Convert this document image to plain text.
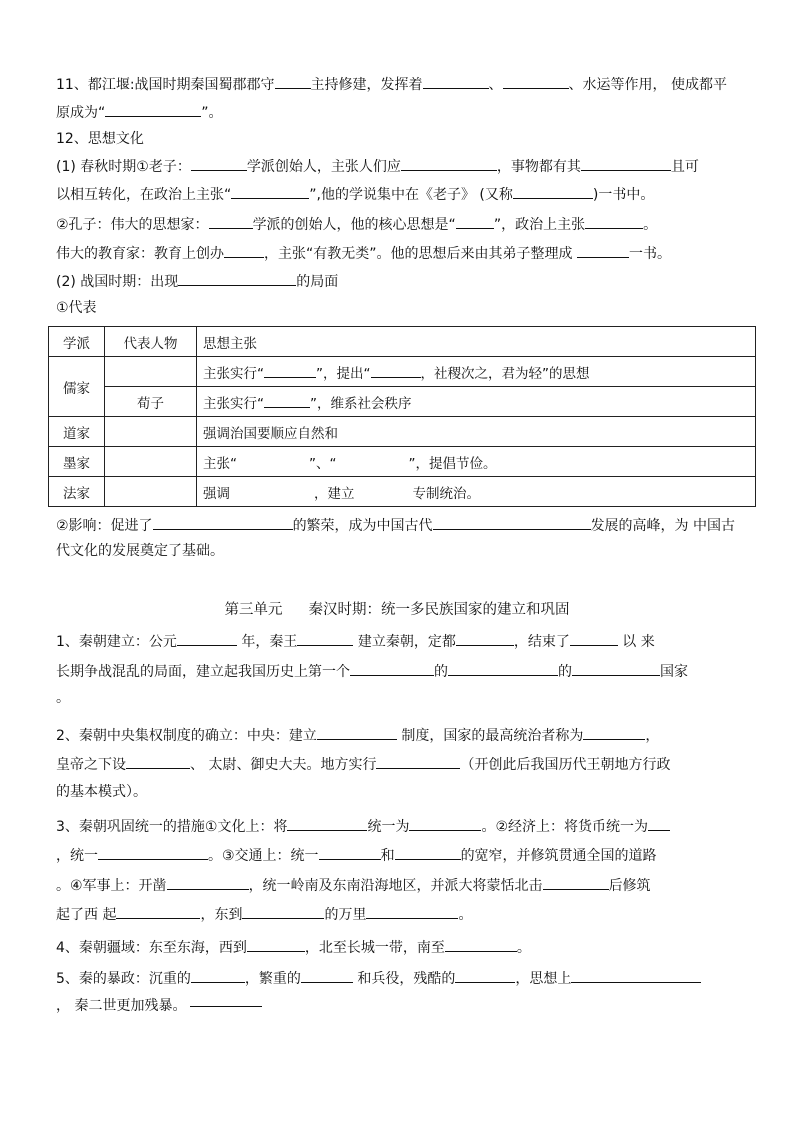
11、都江堰:战国时期秦国蜀郡郡守	主持修建，发挥着	、	、水运等作用， 使成都平
原成为“	”。
12、思想文化
(1) 春秋时期①老子：	学派创始人，主张人们应	，事物都有其	且可
以相互转化，在政治上主张“	”,他的学说集中在《老子》 (又称	)一书中。
②孔子：伟大的思想家：	学派的创始人，他的核心思想是“	”，政治上主张	。
伟大的教育家：教育上创办	，主张“有教无类”。他的思想后来由其弟子整理成	一书。
(2) 战国时期：出现	的局面
①代表
学派	代表人物	思想主张
儒家		主张实行“ ”，提出“ ，社稷次之，君为轻”的思想
	荀子	主张实行“ ”，维系社会秩序
道家		强调治国要顺应自然和
墨家		主张“ ”、“ ”，提倡节俭。
法家		强调 ，建立 专制统治。
②影响：促进了	的繁荣，成为中国古代	发展的高峰，为 中国古
代文化的发展奠定了基础。
第三单元 秦汉时期：统一多民族国家的建立和巩固
1、秦朝建立：公元	年，秦王	建立秦朝，定都	，结束了	以 来
长期争战混乱的局面，建立起我国历史上第一个	的	的	国家
。
2、秦朝中央集权制度的确立：中央：建立	制度，国家的最高统治者称为	，
皇帝之下设	、 太尉、御史大夫。地方实行	（开创此后我国历代王朝地方行政
的基本模式）。
3、秦朝巩固统一的措施①文化上：将	统一为	。②经济上：将货币统一为
，统一	。③交通上：统一	和	的宽窄，并修筑贯通全国的道路
。④军事上：开凿	，统一岭南及东南沿海地区，并派大将蒙恬北击	后修筑
起了西 起	，东到	的万里	。
4、秦朝疆域：东至东海，西到	，北至长城一带，南至	。
5、秦的暴政：沉重的	，繁重的	和兵役，残酷的	，思想上
， 秦二世更加残暴。
